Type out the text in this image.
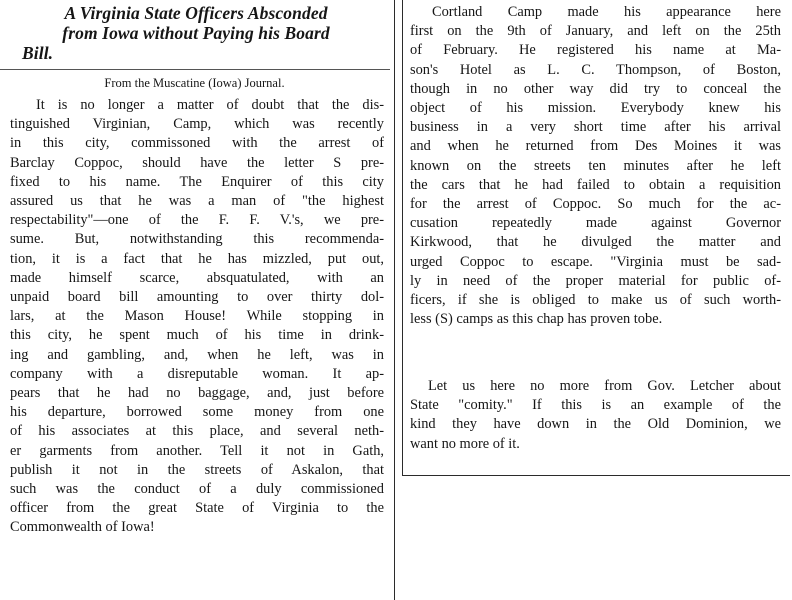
A Virginia State Officers Absconded
from Iowa without Paying his Board
Bill.
From the Muscatine (Iowa) Journal.
It is no longer a matter of doubt that the dis-
tinguished Virginian, Camp, which was recently
in this city, commissoned with the arrest of
Barclay Coppoc, should have the letter S pre-
fixed to his name. The Enquirer of this city
assured us that he was a man of "the highest
respectability"—one of the F. F. V.'s, we pre-
sume. But, notwithstanding this recommenda-
tion, it is a fact that he has mizzled, put out,
made himself scarce, absquatulated, with an
unpaid board bill amounting to over thirty dol-
lars, at the Mason House! While stopping in
this city, he spent much of his time in drink-
ing and gambling, and, when he left, was in
company with a disreputable woman. It ap-
pears that he had no baggage, and, just before
his departure, borrowed some money from one
of his associates at this place, and several neth-
er garments from another. Tell it not in Gath,
publish it not in the streets of Askalon, that
such was the conduct of a duly commissioned
officer from the great State of Virginia to the
Commonwealth of Iowa!
Cortland Camp made his appearance here
first on the 9th of January, and left on the 25th
of February. He registered his name at Ma-
son's Hotel as L. C. Thompson, of Boston,
though in no other way did try to conceal the
object of his mission. Everybody knew his
business in a very short time after his arrival
and when he returned from Des Moines it was
known on the streets ten minutes after he left
the cars that he had failed to obtain a requisition
for the arrest of Coppoc. So much for the ac-
cusation repeatedly made against Governor
Kirkwood, that he divulged the matter and
urged Coppoc to escape. "Virginia must be sad-
ly in need of the proper material for public of-
ficers, if she is obliged to make us of such worth-
less (S) camps as this chap has proven tobe.
Let us here no more from Gov. Letcher about
State "comity." If this is an example of the
kind they have down in the Old Dominion, we
want no more of it.
